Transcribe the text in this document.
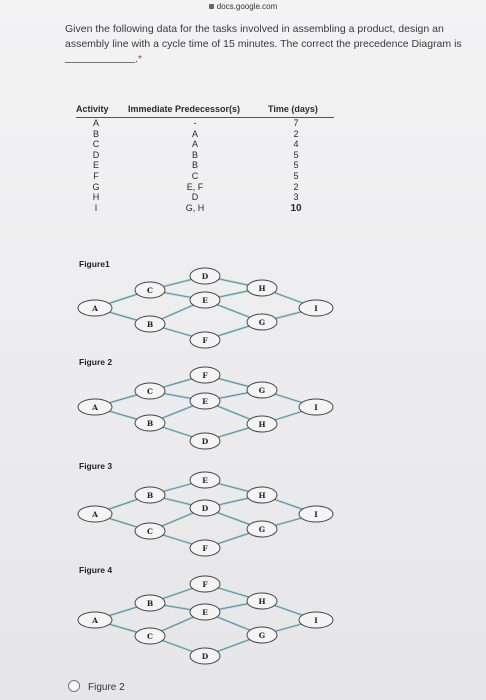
docs.google.com
Given the following data for the tasks involved in assembling a product, design an assembly line with a cycle time of 15 minutes. The correct the precedence Diagram is .*
Activity Immediate Predecessor(s)	Time (days)
A	-	7
B	A	2
C	A	4
D	B	5
E	B	5
F	C	5
G	E, F	2
H	D	3
I	G, H	10
Figure1
A
C
B
D
E
F
H
G
I
Figure 2
A
C
B
F
E
D
G
H
I
Figure 3
A
B
C
E
D
F
H
G
I
Figure 4
A
B
C
F
E
D
H
G
I
Figure 2
